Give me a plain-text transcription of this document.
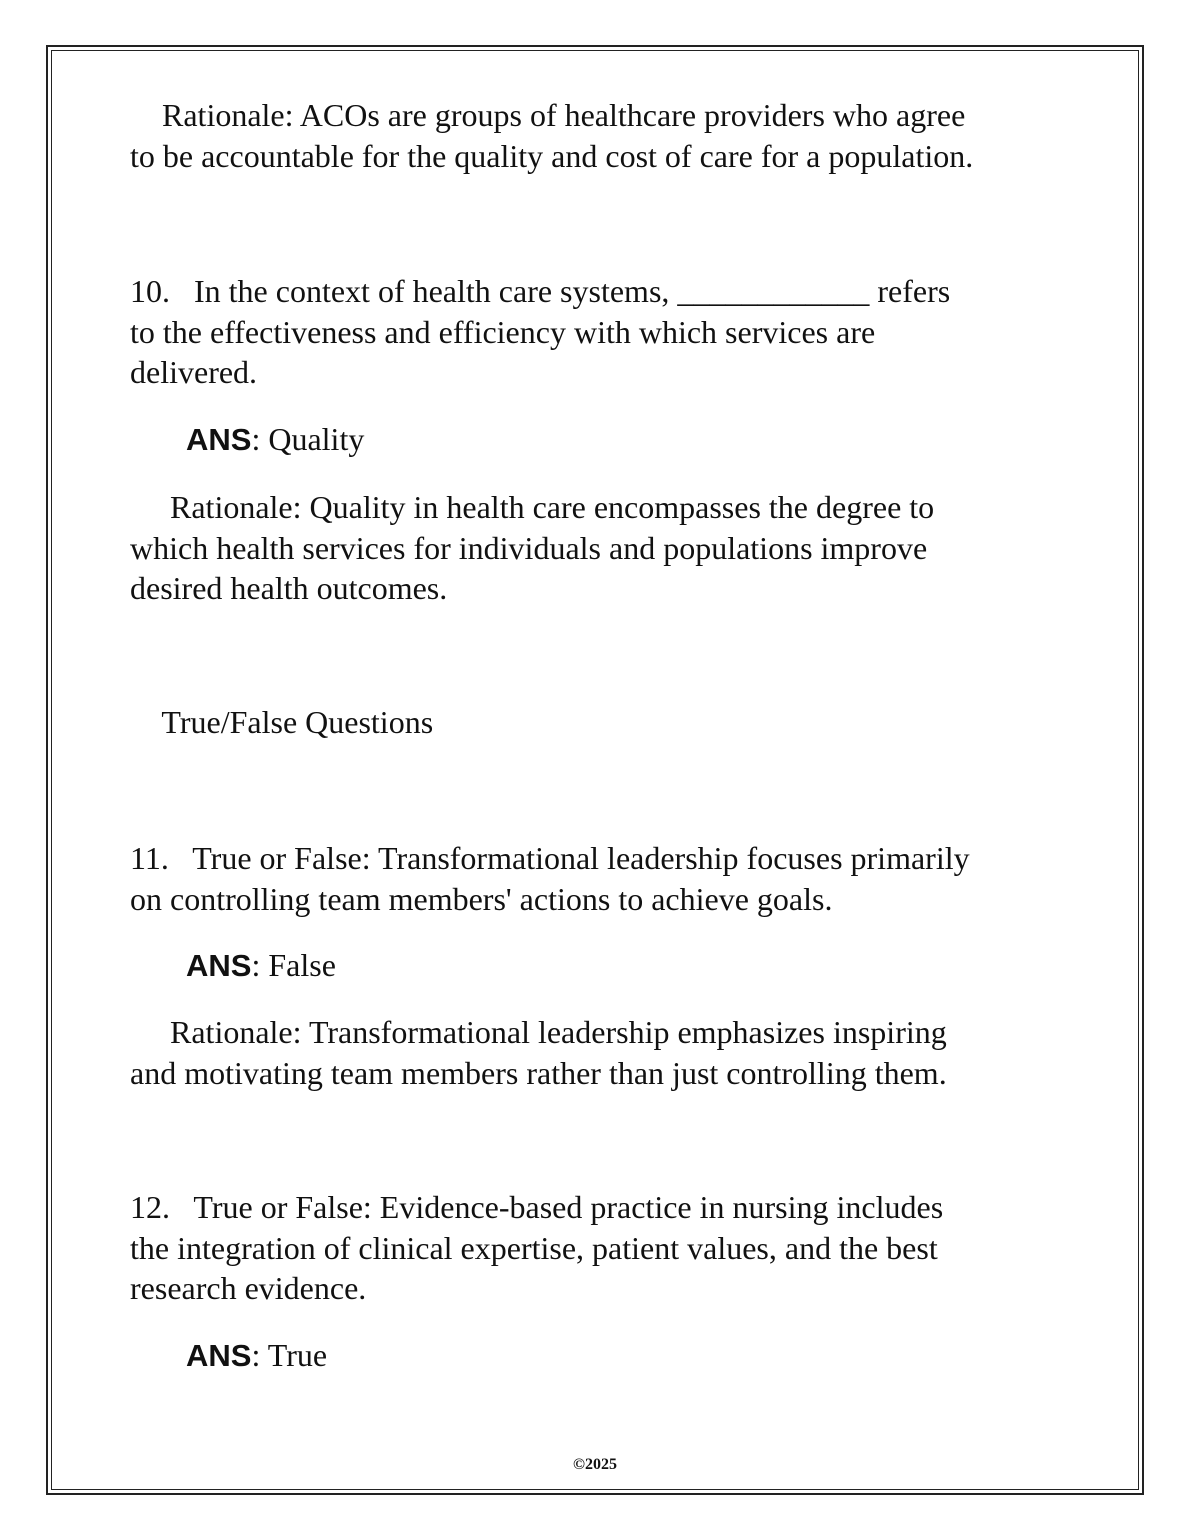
Rationale: ACOs are groups of healthcare providers who agree
to be accountable for the quality and cost of care for a population.
10.   In the context of health care systems, ____________ refers
to the effectiveness and efficiency with which services are
delivered.
ANS: Quality
Rationale: Quality in health care encompasses the degree to
which health services for individuals and populations improve
desired health outcomes.
True/False Questions
11.   True or False: Transformational leadership focuses primarily
on controlling team members' actions to achieve goals.
ANS: False
Rationale: Transformational leadership emphasizes inspiring
and motivating team members rather than just controlling them.
12.   True or False: Evidence-based practice in nursing includes
the integration of clinical expertise, patient values, and the best
research evidence.
ANS: True
©2025
